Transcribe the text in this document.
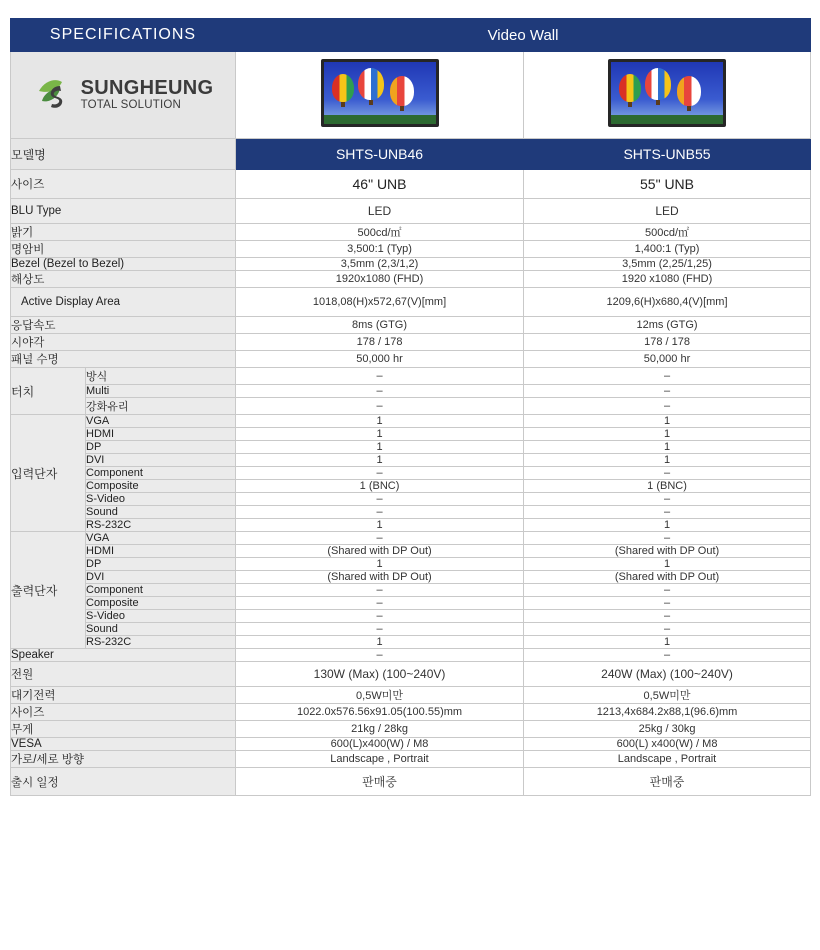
SPECIFICATIONS		Video Wall	

SUNGHEUNG
TOTAL SOLUTION			

모델명		SHTS-UNB46	SHTS-UNB55
사이즈		46" UNB	55" UNB
BLU Type		LED	LED
밝기		500cd/㎡	500cd/㎡
명암비		3,500:1 (Typ)	1,400:1 (Typ)
Bezel (Bezel to Bezel)		3,5mm (2,3/1,2)	3,5mm (2,25/1,25)
해상도		1920x1080 (FHD)	1920 x1080 (FHD)
Active Display Area		1018,08(H)x572,67(V)[mm]	1209,6(H)x680,4(V)[mm]
응답속도		8ms (GTG)	12ms (GTG)
시야각		178 / 178	178 / 178
패널 수명		50,000 hr	50,000 hr
터치	방식	–	–
	Multi	–	–
	강화유리	–	–
입력단자	VGA	1	1
	HDMI	1	1
	DP	1	1
	DVI	1	1
	Component	–	–
	Composite	1 (BNC)	1 (BNC)
	S-Video	–	–
	Sound	–	–
	RS-232C	1	1
출력단자	VGA	–	–
	HDMI	(Shared with DP Out)	(Shared with DP Out)
	DP	1	1
	DVI	(Shared with DP Out)	(Shared with DP Out)
	Component	–	–
	Composite	–	–
	S-Video	–	–
	Sound	–	–
	RS-232C	1	1
Speaker		–	–
전원		130W (Max) (100~240V)	240W (Max) (100~240V)
대기전력		0,5W미만	0,5W미만
사이즈		1022.0x576.56x91.05(100.55)mm	1213,4x684.2x88,1(96.6)mm
무게		21kg / 28kg	25kg / 30kg
VESA		600(L)x400(W) / M8	600(L) x400(W) / M8
가로/세로 방향		Landscape , Portrait	Landscape , Portrait
출시 일정		판매중	판매중
